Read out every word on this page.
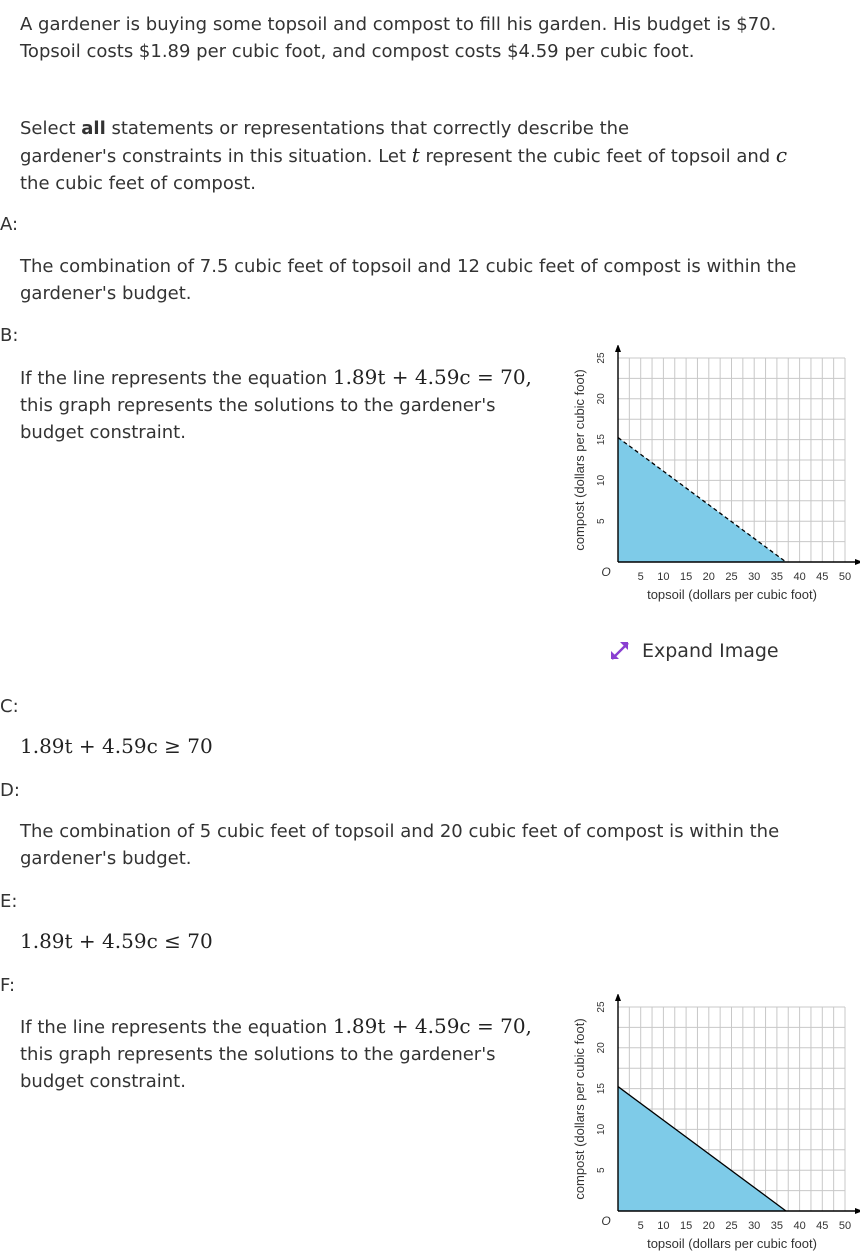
A gardener is buying some topsoil and compost to fill his garden. His budget is $70.
Topsoil costs $1.89 per cubic foot, and compost costs $4.59 per cubic foot.

Select all statements or representations that correctly describe the
gardener's constraints in this situation. Let t represent the cubic feet of topsoil and c
the cubic feet of compost.

A:

The combination of 7.5 cubic feet of topsoil and 12 cubic feet of compost is within the
gardener's budget.

B:

If the line represents the equation 1.89t + 4.59c = 70,
this graph represents the solutions to the gardener's
budget constraint.

5 10 15 20 25 30 35 40 45 50
5
10
15
20
25
O
topsoil (dollars per cubic foot)
compost (dollars per cubic foot)
Expand Image
C:
1.89t + 4.59c ≥ 70
D:

The combination of 5 cubic feet of topsoil and 20 cubic feet of compost is within the
gardener's budget.

E:
1.89t + 4.59c ≤ 70
F:

If the line represents the equation 1.89t + 4.59c = 70,
this graph represents the solutions to the gardener's
budget constraint.

5 10 15 20 25 30 35 40 45 50
5
10
15
20
25
O
topsoil (dollars per cubic foot)
compost (dollars per cubic foot)
